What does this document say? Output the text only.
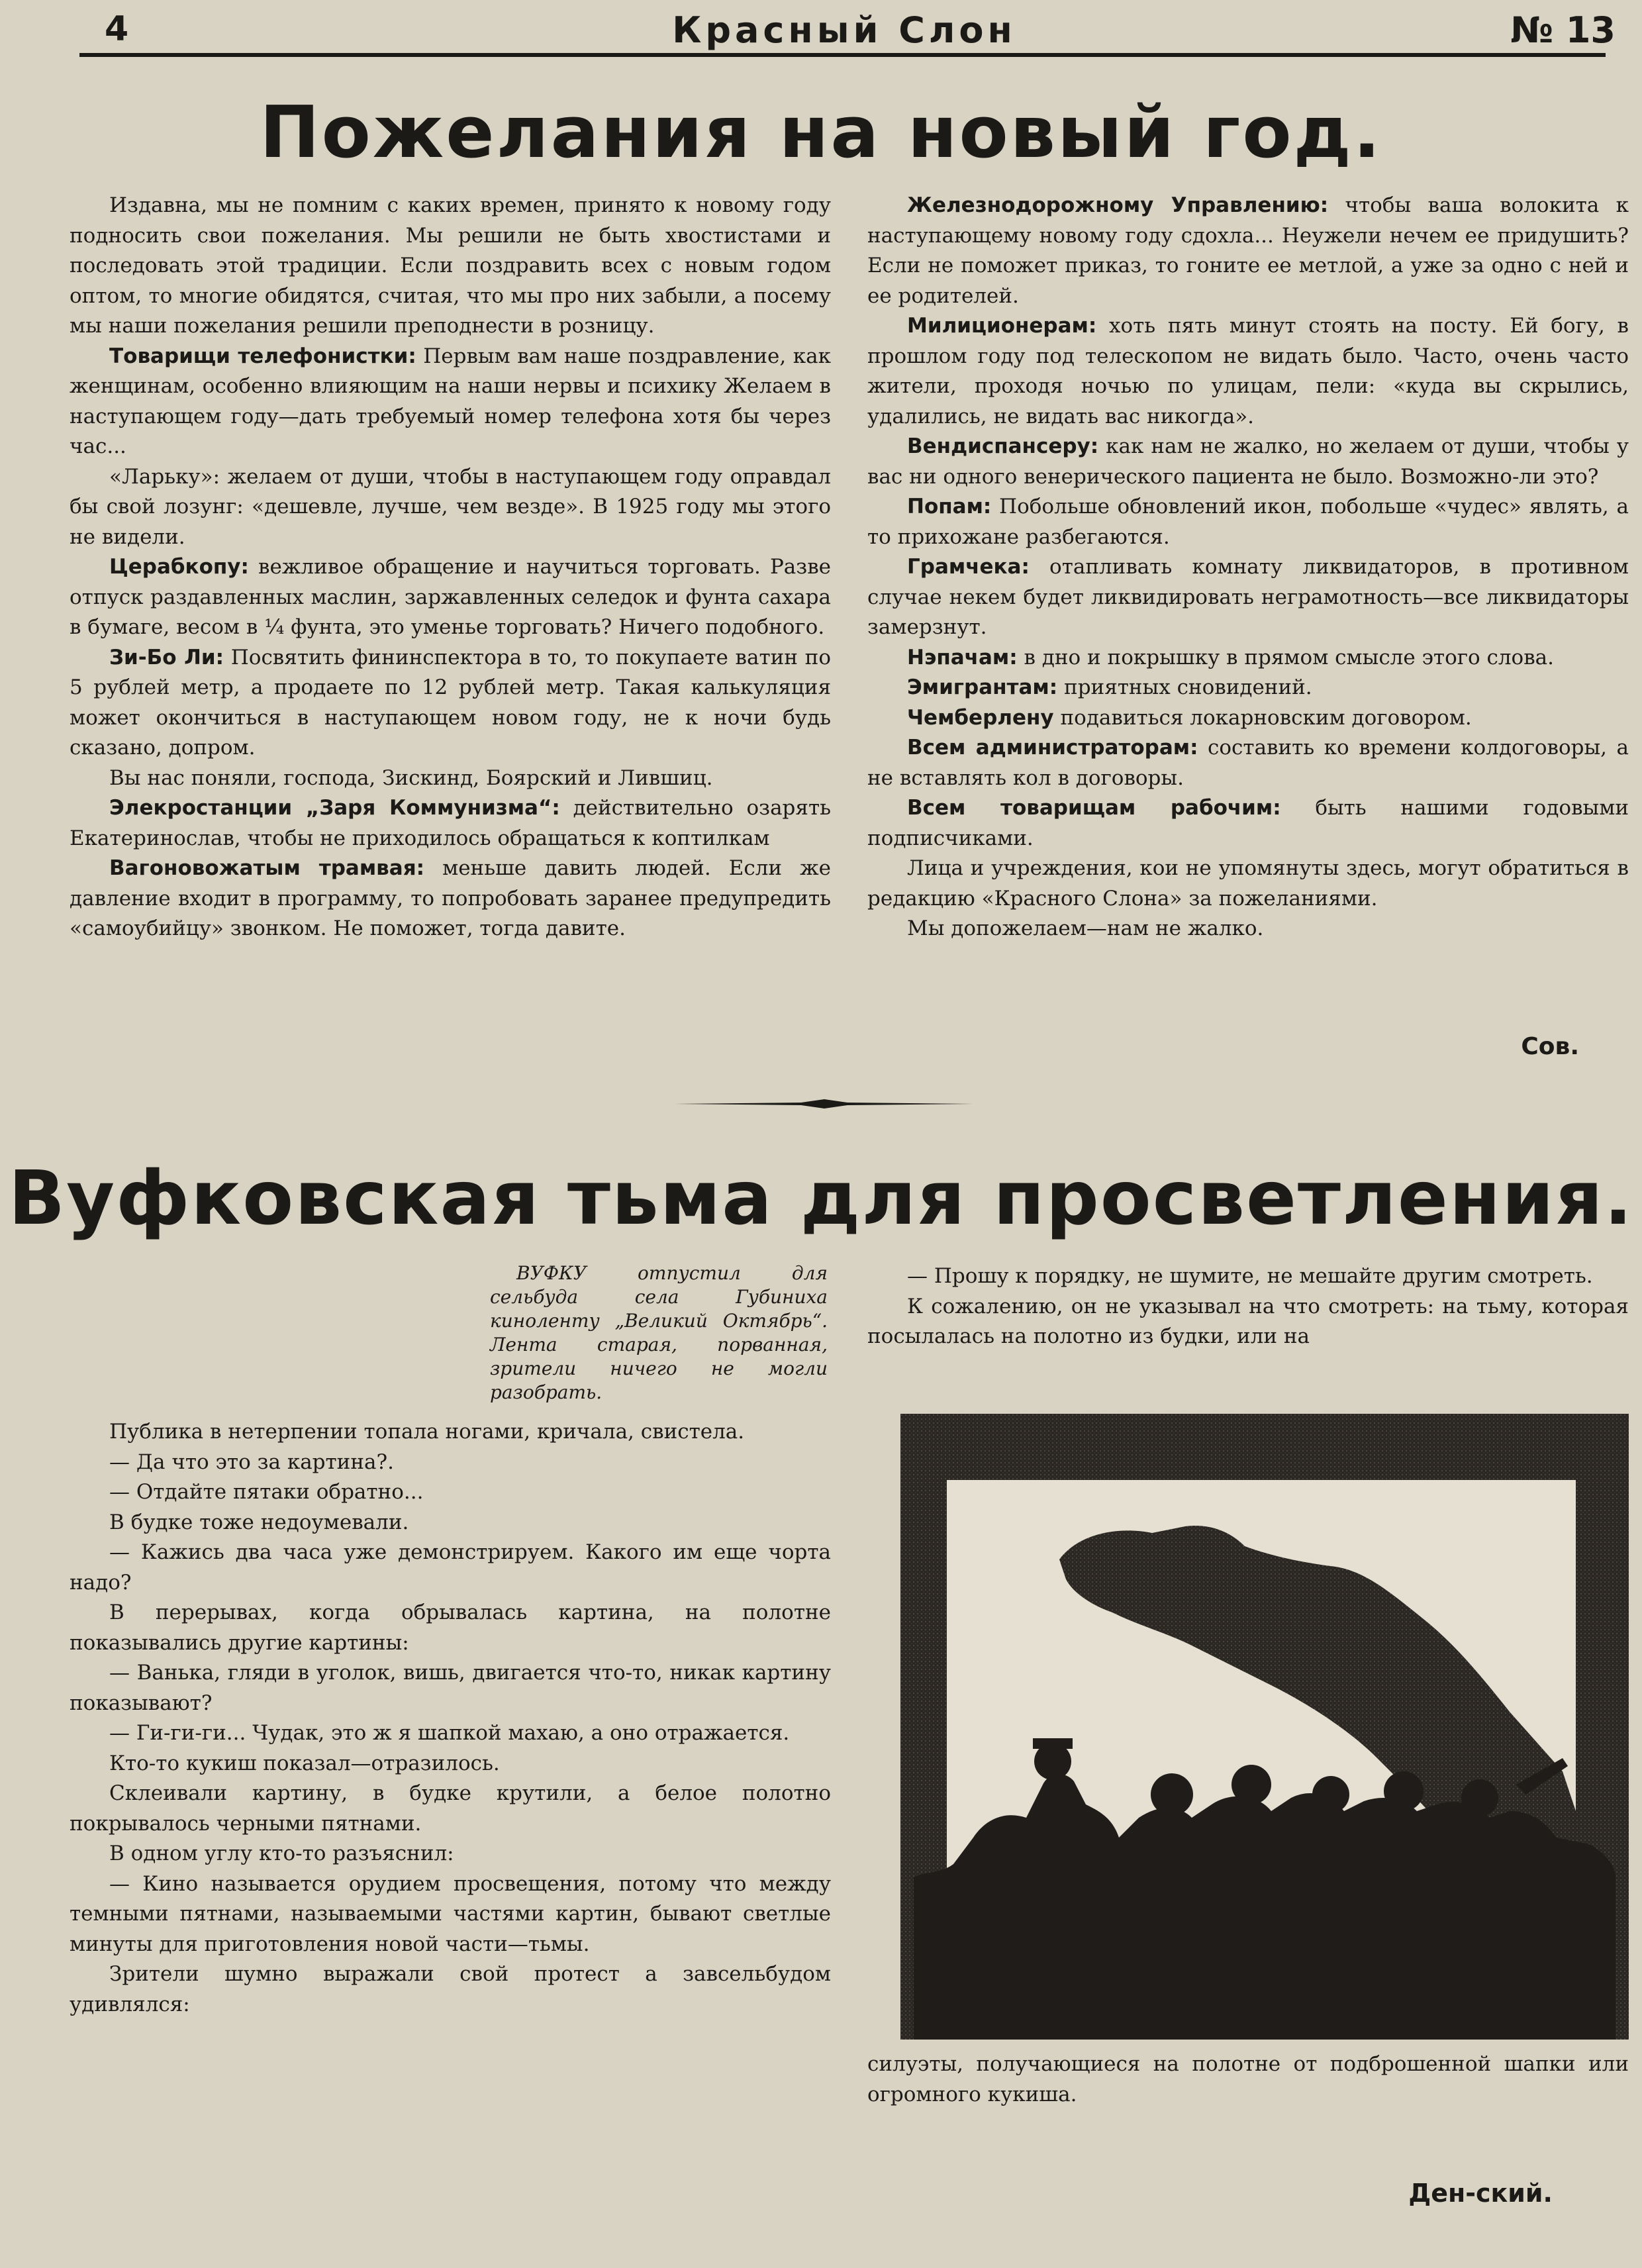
4	Красный Слон	№ 13
Пожелания на новый год.

Издавна, мы не помним с каких времен, принято к новому году подносить свои пожелания. Мы решили не быть хвостистами и последовать этой традиции. Если поздравить всех с новым годом оптом, то многие обидятся, считая, что мы про них забыли, а посему мы наши пожелания решили преподнести в розницу.

Товарищи телефонистки: Первым вам наше поздравление, как женщинам, особенно влияющим на наши нервы и психику Желаем в наступающем году—дать требуемый номер телефона хотя бы через час...

«Ларьку»: желаем от души, чтобы в наступающем году оправдал бы свой лозунг: «дешевле, лучше, чем везде». В 1925 году мы этого не видели.

Церабкопу: вежливое обращение и научиться торговать. Разве отпуск раздавленных маслин, заржавленных селедок и фунта сахара в бумаге, весом в ¼ фунта, это уменье торговать? Ничего подобного.

Зи-Бо Ли: Посвятить фининспектора в то, то покупаете ватин по 5 рублей метр, а продаете по 12 рублей метр. Такая калькуляция может окончиться в наступающем новом году, не к ночи будь сказано, допром.

Вы нас поняли, господа, Зискинд, Боярский и Лившиц.

Элекростанции „Заря Коммунизма“: действительно озарять Екатеринослав, чтобы не приходилось обращаться к коптилкам

Вагоновожатым трамвая: меньше давить людей. Если же давление входит в программу, то попробовать заранее предупредить «самоубийцу» звонком. Не поможет, тогда давите.

Железнодорожному Управлению: чтобы ваша волокита к наступающему новому году сдохла... Неужели нечем ее придушить? Если не поможет приказ, то гоните ее метлой, а уже за одно с ней и ее родителей.

Милиционерам: хоть пять минут стоять на посту. Ей богу, в прошлом году под телескопом не видать было. Часто, очень часто жители, проходя ночью по улицам, пели: «куда вы скрылись, удалились, не видать вас никогда».

Вендиспансеру: как нам не жалко, но желаем от души, чтобы у вас ни одного венерического пациента не было. Возможно-ли это?

Попам: Побольше обновлений икон, побольше «чудес» являть, а то прихожане разбегаются.

Грамчека: отапливать комнату ликвидаторов, в противном случае некем будет ликвидировать неграмотность—все ликвидаторы замерзнут.

Нэпачам: в дно и покрышку в прямом смысле этого слова.

Эмигрантам: приятных сновидений.

Чемберлену подавиться локарновским договором.

Всем администраторам: составить ко времени колдоговоры, а не вставлять кол в договоры.

Всем товарищам рабочим: быть нашими годовыми подписчиками.

Лица и учреждения, кои не упомянуты здесь, могут обратиться в редакцию «Красного Слона» за пожеланиями.

Мы допожелаем—нам не жалко.

Сов.
Вуфковская тьма для просветления.

ВУФКУ отпустил для сельбуда села Губиниха киноленту „Великий Октябрь“. Лента старая, порванная, зрители ничего не могли разобрать.

Публика в нетерпении топала ногами, кричала, свистела.

— Да что это за картина?.

— Отдайте пятаки обратно...

В будке тоже недоумевали.

— Кажись два часа уже демонстрируем. Какого им еще чорта надо?

В перерывах, когда обрывалась картина, на полотне показывались другие картины:

— Ванька, гляди в уголок, вишь, двигается что-то, никак картину показывают?

— Ги-ги-ги... Чудак, это ж я шапкой махаю, а оно отражается.

Кто-то кукиш показал—отразилось.

Склеивали картину, в будке крутили, а белое полотно покрывалось черными пятнами.

В одном углу кто-то разъяснил:

— Кино называется орудием просвещения, потому что между темными пятнами, называемыми частями картин, бывают светлые минуты для приготовления новой части—тьмы.

Зрители шумно выражали свой протест а завсельбудом удивлялся:

— Прошу к порядку, не шумите, не мешайте другим смотреть.

К сожалению, он не указывал на что смотреть: на тьму, которая посылалась на полотно из будки, или на

силуэты, получающиеся на полотне от подброшенной шапки или огромного кукиша.

Ден-ский.
